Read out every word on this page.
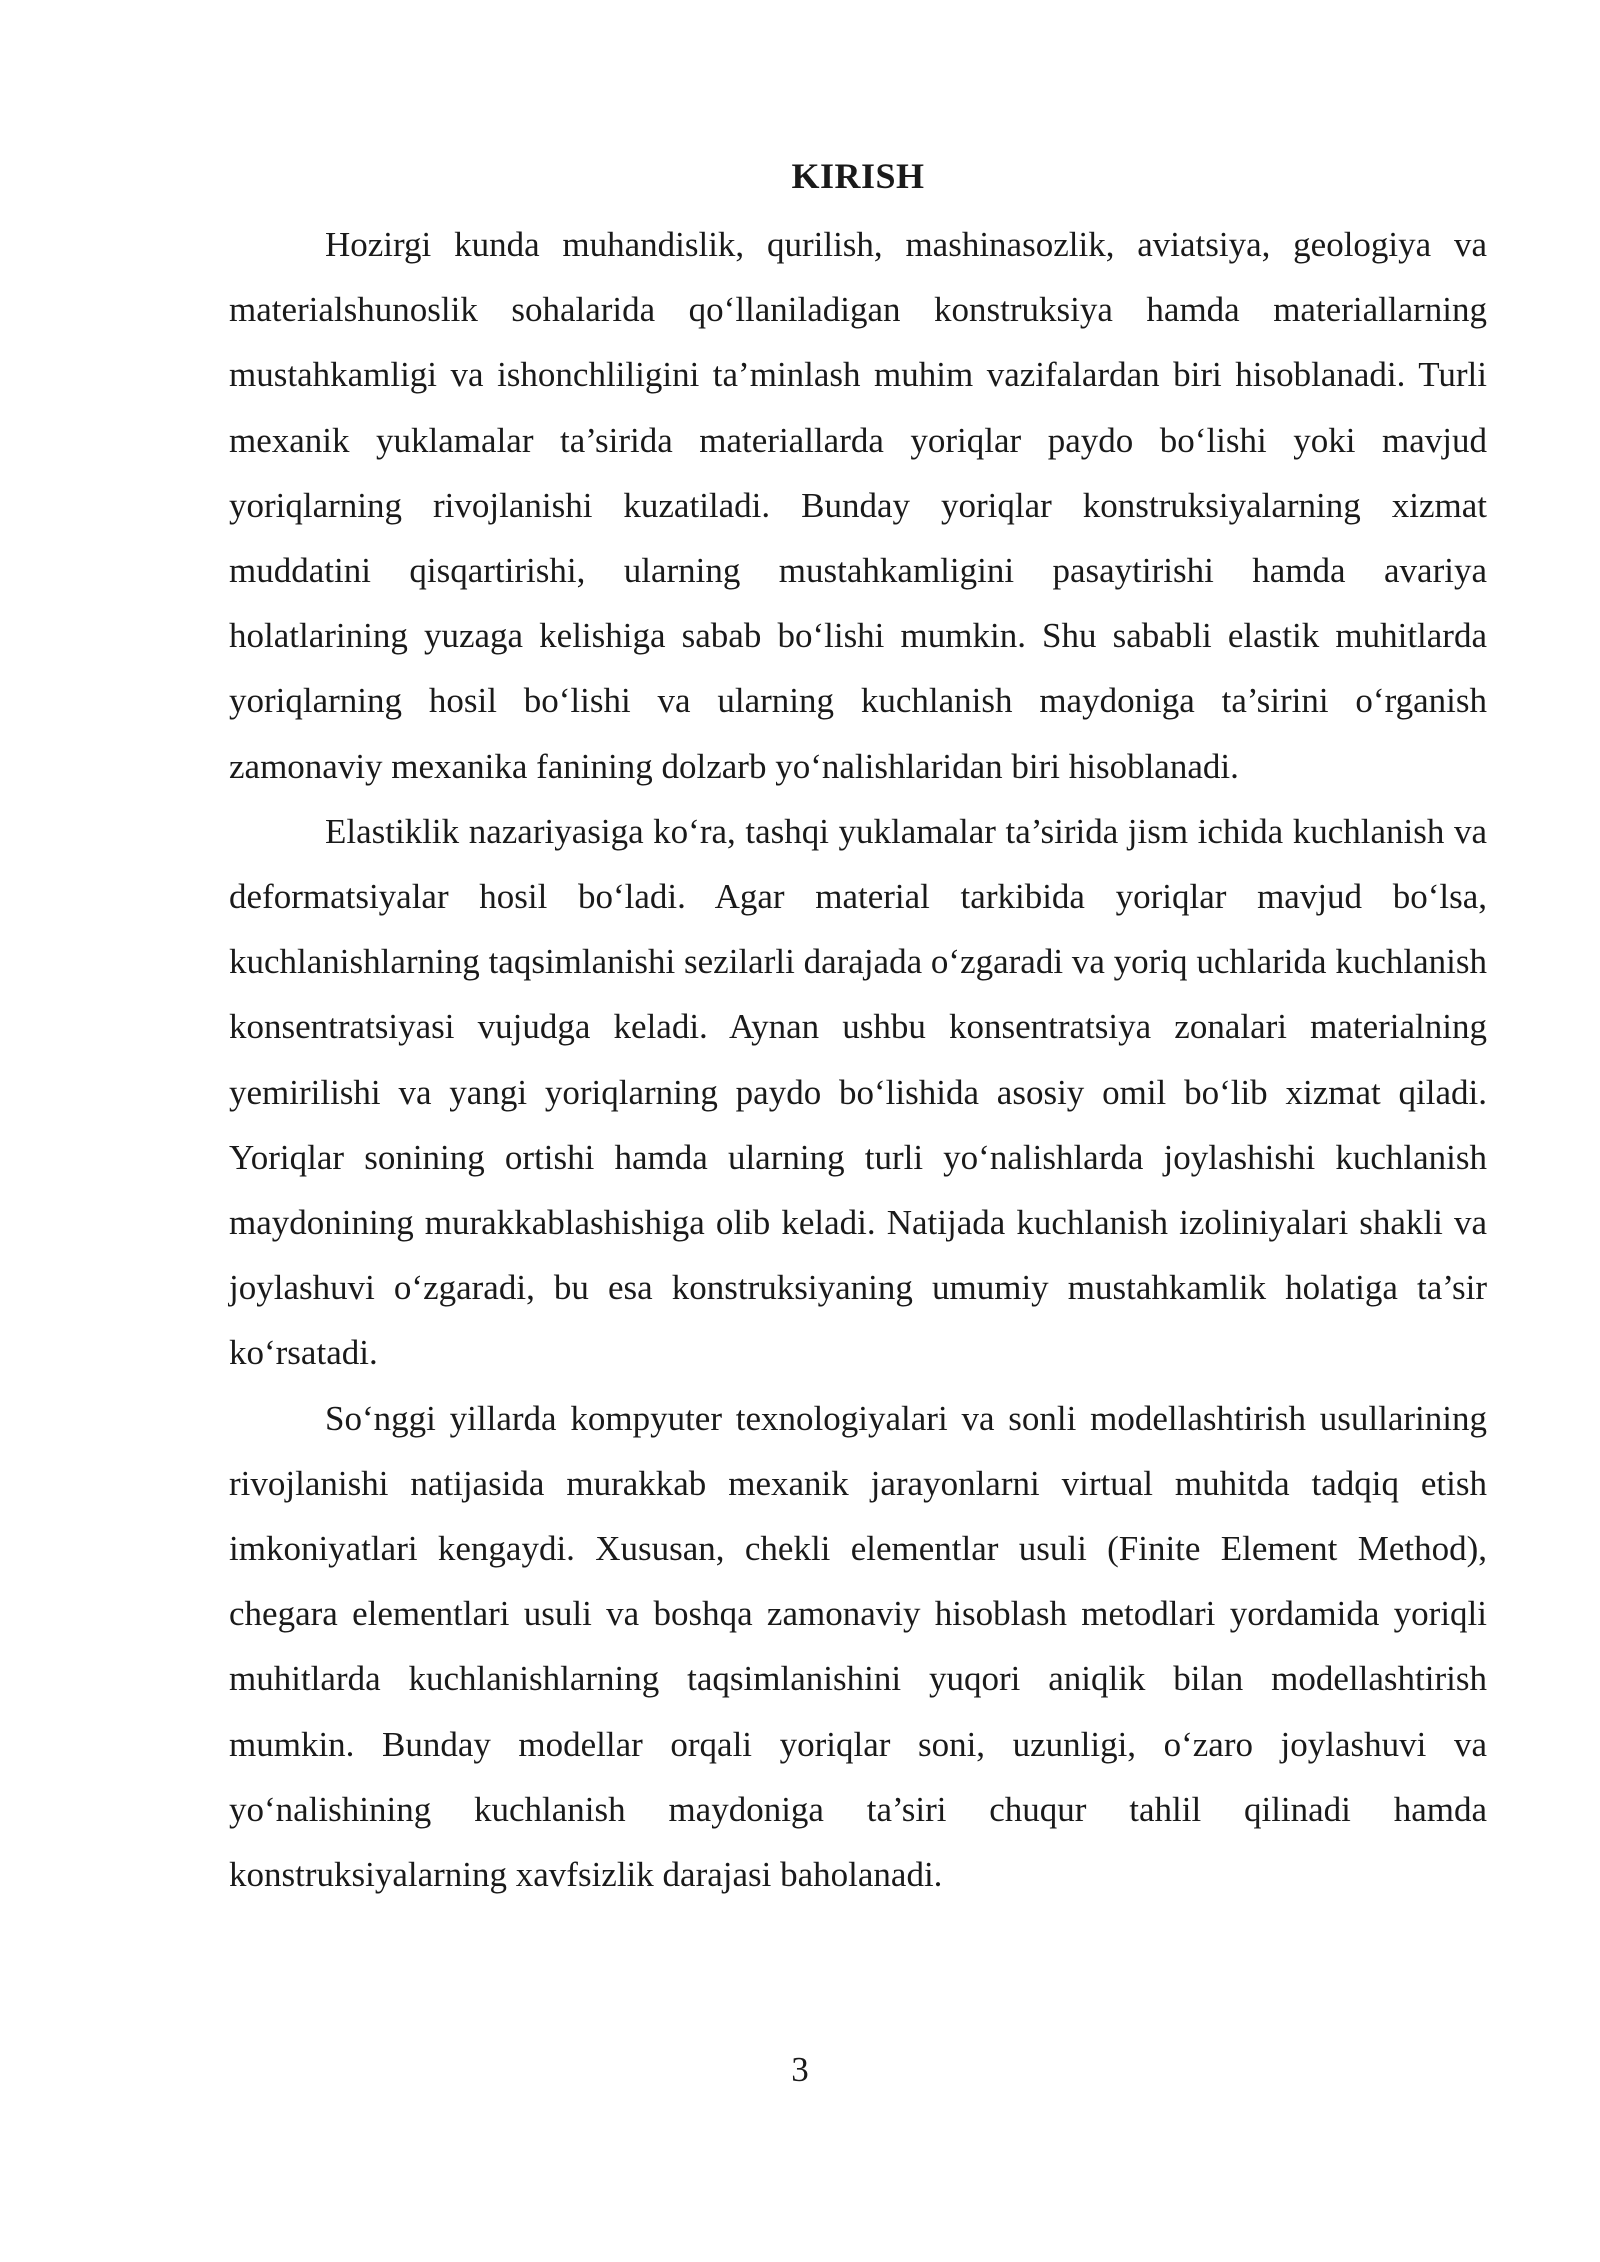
KIRISH

Hozirgi kunda muhandislik, qurilish, mashinasozlik, aviatsiya, geologiya va materialshunoslik sohalarida qo‘llaniladigan konstruksiya hamda materiallarning mustahkamligi va ishonchliligini ta’minlash muhim vazifalardan biri hisoblanadi. Turli mexanik yuklamalar ta’sirida materiallarda yoriqlar paydo bo‘lishi yoki mavjud yoriqlarning rivojlanishi kuzatiladi. Bunday yoriqlar konstruksiyalarning xizmat muddatini qisqartirishi, ularning mustahkamligini pasaytirishi hamda avariya holatlarining yuzaga kelishiga sabab bo‘lishi mumkin. Shu sababli elastik muhitlarda yoriqlarning hosil bo‘lishi va ularning kuchlanish maydoniga ta’sirini o‘rganish zamonaviy mexanika fanining dolzarb yo‘nalishlaridan biri hisoblanadi.

Elastiklik nazariyasiga ko‘ra, tashqi yuklamalar ta’sirida jism ichida kuchlanish va deformatsiyalar hosil bo‘ladi. Agar material tarkibida yoriqlar mavjud bo‘lsa, kuchlanishlarning taqsimlanishi sezilarli darajada o‘zgaradi va yoriq uchlarida kuchlanish konsentratsiyasi vujudga keladi. Aynan ushbu konsentratsiya zonalari materialning yemirilishi va yangi yoriqlarning paydo bo‘lishida asosiy omil bo‘lib xizmat qiladi. Yoriqlar sonining ortishi hamda ularning turli yo‘nalishlarda joylashishi kuchlanish maydonining murakkablashishiga olib keladi. Natijada kuchlanish izoliniyalari shakli va joylashuvi o‘zgaradi, bu esa konstruksiyaning umumiy mustahkamlik holatiga ta’sir ko‘rsatadi.

So‘nggi yillarda kompyuter texnologiyalari va sonli modellashtirish usullarining rivojlanishi natijasida murakkab mexanik jarayonlarni virtual muhitda tadqiq etish imkoniyatlari kengaydi. Xususan, chekli elementlar usuli (Finite Element Method), chegara elementlari usuli va boshqa zamonaviy hisoblash metodlari yordamida yoriqli muhitlarda kuchlanishlarning taqsimlanishini yuqori aniqlik bilan modellashtirish mumkin. Bunday modellar orqali yoriqlar soni, uzunligi, o‘zaro joylashuvi va yo‘nalishining kuchlanish maydoniga ta’siri chuqur tahlil qilinadi hamda konstruksiyalarning xavfsizlik darajasi baholanadi.

3
